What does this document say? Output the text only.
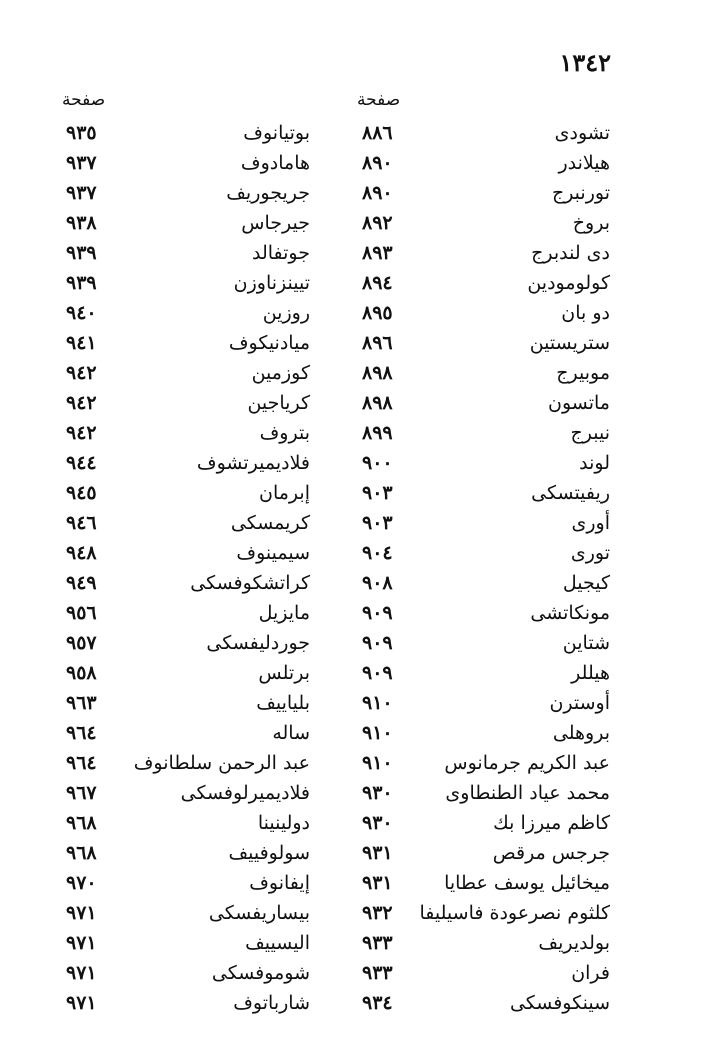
١٣٤٢
صفحة	صفحة
تشودی
٨٨٦
بوتیانوف
٩٣٥
هیلاندر
٨٩٠
هامادوف
٩٣٧
تورنبرج
٨٩٠
جریجوریف
٩٣٧
بروخ
٨٩٢
جیرجاس
٩٣٨
دی لندبرج
٨٩٣
جوتفالد
٩٣٩
كولومودین
٨٩٤
تیینزناوزن
٩٣٩
دو بان
٨٩٥
روزین
٩٤٠
ستریستین
٨٩٦
میادنیكوف
٩٤١
موبیرج
٨٩٨
كوزمین
٩٤٢
ماتسون
٨٩٨
كریاجین
٩٤٢
نیبرج
٨٩٩
بتروف
٩٤٢
لوند
٩٠٠
فلادیمیرتشوف
٩٤٤
ریفیتسكی
٩٠٣
إبرمان
٩٤٥
أوری
٩٠٣
كریمسكی
٩٤٦
توری
٩٠٤
سیمینوف
٩٤٨
كیجیل
٩٠٨
كراتشكوفسكی
٩٤٩
مونكاتشی
٩٠٩
مایزیل
٩٥٦
شتاین
٩٠٩
جوردلیفسكی
٩٥٧
هیللر
٩٠٩
برتلس
٩٥٨
أوسترن
٩١٠
بلیاییف
٩٦٣
بروهلی
٩١٠
ساله
٩٦٤
عبد الكریم جرمانوس
٩١٠
عبد الرحمن سلطانوف
٩٦٤
محمد عیاد الطنطاوی
٩٣٠
فلادیمیرلوفسكی
٩٦٧
كاظم میرزا بك
٩٣٠
دولینینا
٩٦٨
جرجس مرقص
٩٣١
سولوفییف
٩٦٨
میخائیل یوسف عطایا
٩٣١
إیفانوف
٩٧٠
كلثوم نصرعودة فاسیلیفا
٩٣٢
بیساریفسكی
٩٧١
بولدیریف
٩٣٣
الیسییف
٩٧١
فران
٩٣٣
شوموفسكی
٩٧١
سینكوفسكی
٩٣٤
شارباتوف
٩٧١
